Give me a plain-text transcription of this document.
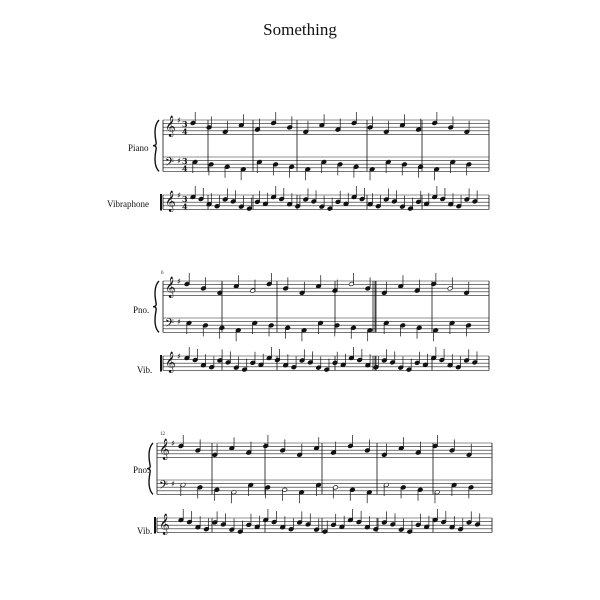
Something
Piano
Vibraphone
Pno.
Vib.
Pno.
Vib.
6
12
𝄞
𝄢
𝄞
♯
♯
♯
3
4
3
4
3
4
𝄞
𝄢
𝄞
♯
♯
♯
𝄞
𝄢
𝄞
♯
♯
